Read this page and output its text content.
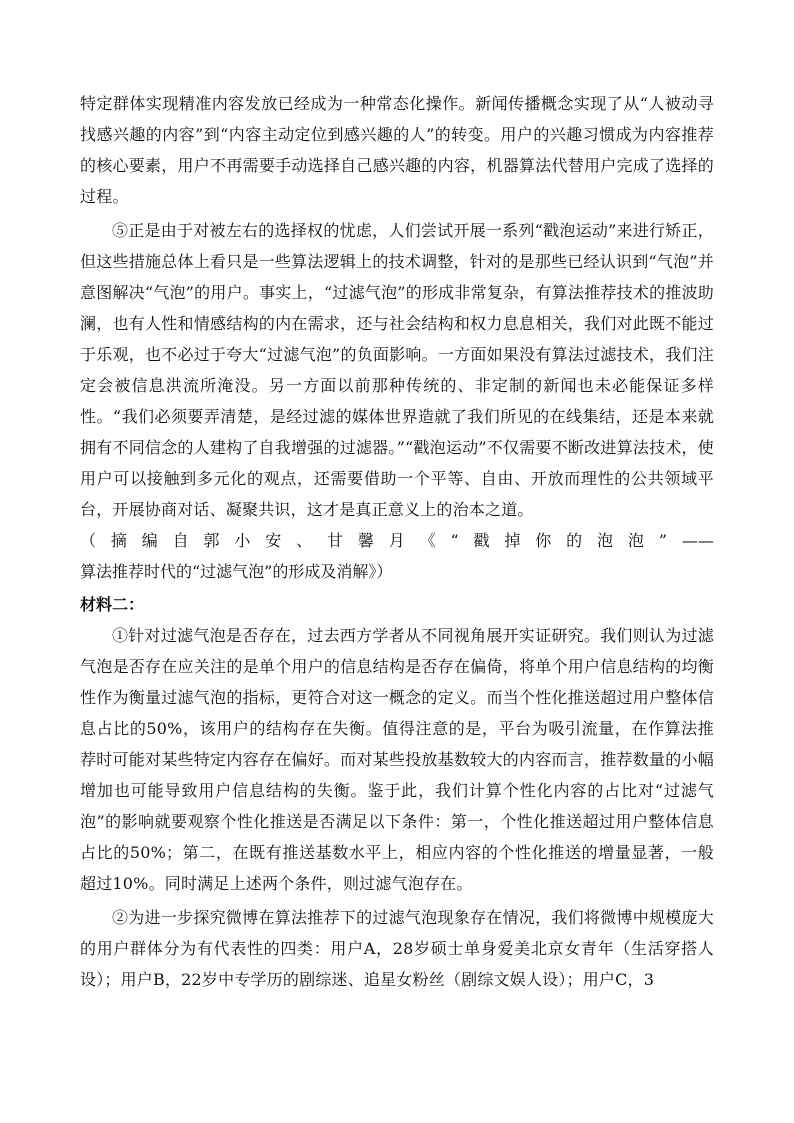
特定群体实现精准内容发放已经成为一种常态化操作。新闻传播概念实现了从“人被动寻找感兴趣的内容”到“内容主动定位到感兴趣的人”的转变。用户的兴趣习惯成为内容推荐的核心要素，用户不再需要手动选择自己感兴趣的内容，机器算法代替用户完成了选择的过程。

⑤正是由于对被左右的选择权的忧虑，人们尝试开展一系列“戳泡运动”来进行矫正，但这些措施总体上看只是一些算法逻辑上的技术调整，针对的是那些已经认识到“气泡”并意图解决“气泡”的用户。事实上，“过滤气泡”的形成非常复杂，有算法推荐技术的推波助澜，也有人性和情感结构的内在需求，还与社会结构和权力息息相关，我们对此既不能过于乐观，也不必过于夸大“过滤气泡”的负面影响。一方面如果没有算法过滤技术，我们注定会被信息洪流所淹没。另一方面以前那种传统的、非定制的新闻也未必能保证多样性。“我们必须要弄清楚，是经过滤的媒体世界造就了我们所见的在线集结，还是本来就拥有不同信念的人建构了自我增强的过滤器。”“戳泡运动”不仅需要不断改进算法技术，使用户可以接触到多元化的观点，还需要借助一个平等、自由、开放而理性的公共领域平台，开展协商对话、凝聚共识，这才是真正意义上的治本之道。

（ 摘 编 自 郭 小 安 、 甘 馨 月 《 “ 戳 掉 你 的 泡 泡 ” ——
算法推荐时代的“过滤气泡”的形成及消解》）

材料二：

①针对过滤气泡是否存在，过去西方学者从不同视角展开实证研究。我们则认为过滤气泡是否存在应关注的是单个用户的信息结构是否存在偏倚，将单个用户信息结构的均衡性作为衡量过滤气泡的指标，更符合对这一概念的定义。而当个性化推送超过用户整体信息占比的50%，该用户的结构存在失衡。值得注意的是，平台为吸引流量，在作算法推荐时可能对某些特定内容存在偏好。而对某些投放基数较大的内容而言，推荐数量的小幅增加也可能导致用户信息结构的失衡。鉴于此，我们计算个性化内容的占比对“过滤气泡”的影响就要观察个性化推送是否满足以下条件：第一，个性化推送超过用户整体信息占比的50%；第二，在既有推送基数水平上，相应内容的个性化推送的增量显著，一般超过10%。同时满足上述两个条件，则过滤气泡存在。

②为进一步探究微博在算法推荐下的过滤气泡现象存在情况，我们将微博中规模庞大的用户群体分为有代表性的四类：用户A，28岁硕士单身爱美北京女青年（生活穿搭人设）；用户B，22岁中专学历的剧综迷、追星女粉丝（剧综文娱人设）；用户C，3
